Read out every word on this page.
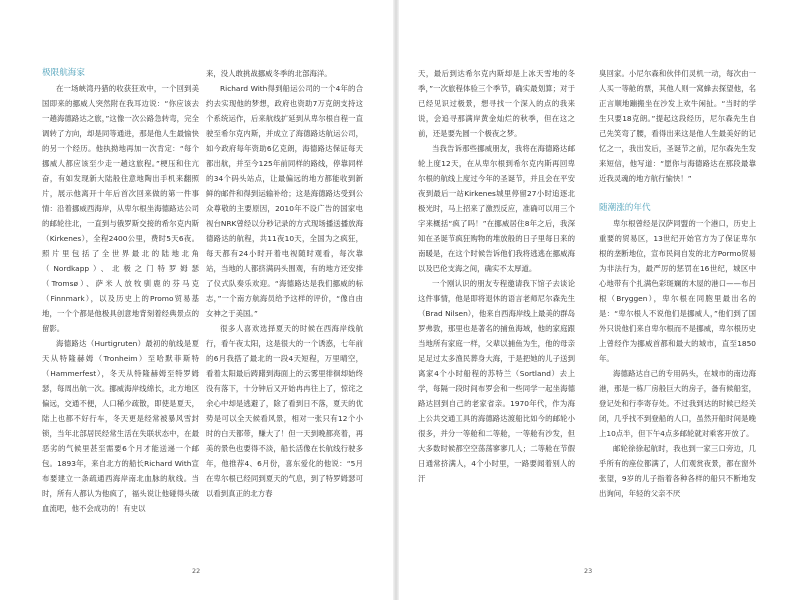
极限航海家

在一场峡湾丹猎的收获狂欢中，一个回到美国即来的挪威人突然附在我耳边说：“你应该去一趟海德路达之旅，”这像一次公路急转弯，完全调转了方向，却是同等通进，那是他人生最愉快的另一个经历。他执拗地再加一次肯定：“每个挪威人都应该至少走一趟这旅程。”梗压和住亢奋，有如发现新大陆般住意地陶出手机来翻照片，展示他离开十年后首次回来做的第一件事情：沿着挪威西海岸，从卑尔根坐海德路达公司的邮轮往北，一直到与俄罗斯交接的希尔克内斯（Kirkenes），全程2400公里，费时5天6夜。照片里包括了全世界最北的陆地北角（Nordkapp）、北极之门特罗姆瑟（Tromsø）、萨米人放牧驯鹿的芬马克（Finnmark），以及历史上的Promo贸易基地，一个个都是他极具创意地背刻着经典景点的留影。

海德路达（Hurtigruten）最初的航线是夏天从特隆赫姆（Tronheim）至哈默菲斯特（Hammerfest），冬天从特隆赫姆至特罗姆瑟，每周出航一次。挪威海岸线绵长，北方地区偏远，交通不便，人口稀少疏散，即使是夏天，陆上也都不好行车，冬天更是经常被暴风雪封锁，当年北部居民经常生活在失联状态中，在最恶劣的气候里甚至需要6个月才能送递一个邮包。1893年，来自北方的船长Richard With宣布要建立一条疏通西海岸南北血脉的航线。当时，所有人都认为他疯了，福头说让他碰得头破血流吧，他不会成功的！有史以

来，没人敢挑战挪威冬季的北部海洋。

Richard With得到船运公司的一个4年的合约去实现他的梦想，政府也资助7万克朗支持这个系统运作，后来航线扩延到从卑尔根自程一直驶至希尔克内斯，并成立了海德路达航运公司，如今政府每年资助6亿克朗，海德路达保证每天都出航，并至今125年前同样的路线，停靠同样的34个码头站点，让最偏远的地方都能收到新鲜的邮件和得到运输补给；这是海德路达受到公众尊敬的主要原因，2010年不设广告的国家电视台NRK曾经以分秒记录的方式现场播送播放海德路达的航程，共11夜10天，全国为之疯狂，每天都有24小时开着电视随时观看，每次靠站，当地的人都挤满码头围观，有的地方还安排了仪式队奏乐欢迎。“海德路达是我们挪威的标志，”一个南方航海员给予这样的评价，“像自由女神之于美国。”

很多人喜欢选择夏天的时候在西海岸线航行，看午夜太阳，这是很大的一个诱惑，七年前的6月我搭了最北的一段4天短程，万里晴空，看着太阳最后踌躇到海面上的云雾里徘徊却始终没有落下，十分钟后又开始冉冉往上了，惊诧之余心中却是逃避了，除了看到日不落，夏天的优势是可以全天候看风景，相对一张只有12个小时的白天都带，赚大了！但一天到晚都亮着，再美的景色也要得不淡，船长活像在长航线行驶多年，他推荐4、6月份，喜东爱化的他说：“5月在卑尔根已经同到夏天的气息，到了特罗姆瑟可以看到真正的北方春

22

天，最后到达希尔克内斯却是上冰天雪地的冬季，”一次旅程体验三个季节，确实最划算；对于已经见识过极景，想寻找一个深入的点的我来说，会追寻那满岸黄金灿烂的秋季，但在这之前，还是要先圆一个极夜之梦。

当我告诉那些挪威朋友，我将在海德路达邮轮上度12天，在从卑尔根到希尔克内斯再回卑尔根的航线上度过今年的圣诞节，并且会在平安夜到最后一站Kirkenes城里停留27小时追逐北极光时，马上招来了激烈反应，准确可以用三个字来概括“疯了吗！”在挪威居住8年之后，我深知在圣诞节疯狂购物的堆放般的日子里每日来的南暖是，在这个时候告诉他们我将逃逃在挪威海以及巴伦支海之间，确实不太厚道。

一个刚认识的朋友专程邀请我下馆子去谈论这件事情，他是即将退休的语言老师尼尔森先生（Brad Nilsen），他来自西海岸线上最美的群岛罗弗敦，那里也是著名的捕鱼海域，他的家庭跟当地所有家庭一样，父辈以捕鱼为生，他的母亲足足过太多渔民葬身大海，于是把她的儿子送到离家4个小时船程的苏特兰（Sortland）去上学，每隔一段时间布罗会和一些同学一起坐海德路达回到自己的老家省亲。1970年代，作为海上公共交通工具的海德路达渡船比如今的邮轮小很多，并分一等舱和二等舱，一等舱有沙发，但大多数时候都空空荡荡寥寥几人；二等舱在节假日通常挤满人，4个小时里，一路要闻着别人的汗

臭回家。小尼尔森和伙伴们灵机一动，每次由一人买一等舱的票，其他人则一窝蜂去探望他，名正言顺地蹦搬坐在沙发上欢牛闲扯。“当时的学生只要18克朗。”提起这段经历，尼尔森先生自己先笑弯了腰，看得出来这是他人生最美好的记忆之一，我出发后，圣诞节之前，尼尔森先生发来短信，他写道：“愿你与海德路达在那段最靠近我灵魂的地方航行愉快！”

随潮涨的年代

卑尔根曾经是汉萨同盟的一个港口，历史上重要的贸易区，13世纪开始官方为了保证卑尔根的垄断地位，宣布民间自发的北方Pormo贸易为非法行为，最严厉的惩罚在16世纪，城区中心地带有个扎满色彩斑斓的木屋的港口——布吕根（Bryggen），卑尔根在同胞里最出名的是：“卑尔根人不说他们是挪威人，”他们到了国外只说他们来自卑尔根而不是挪威，卑尔根历史上曾经作为挪威首都和最大的城市，直至1850年。

海德路达自己的专用码头，在城市的南边海港，那是一栋厂房般巨大的房子，备有候船室，登记处和行李寄存处。不过我到达的时候已经关闭，几乎找不到登船的人口，虽然开船时间是晚上10点半，但下午4点多邮轮就对乘客开放了。

邮轮徐徐起航时，我也到一家三口旁边，几乎所有的座位都满了，人们观赏夜景，都在窗外张望，9岁的儿子指着各种各样的船只不断地发出询问，年轻的父亲不厌

23
